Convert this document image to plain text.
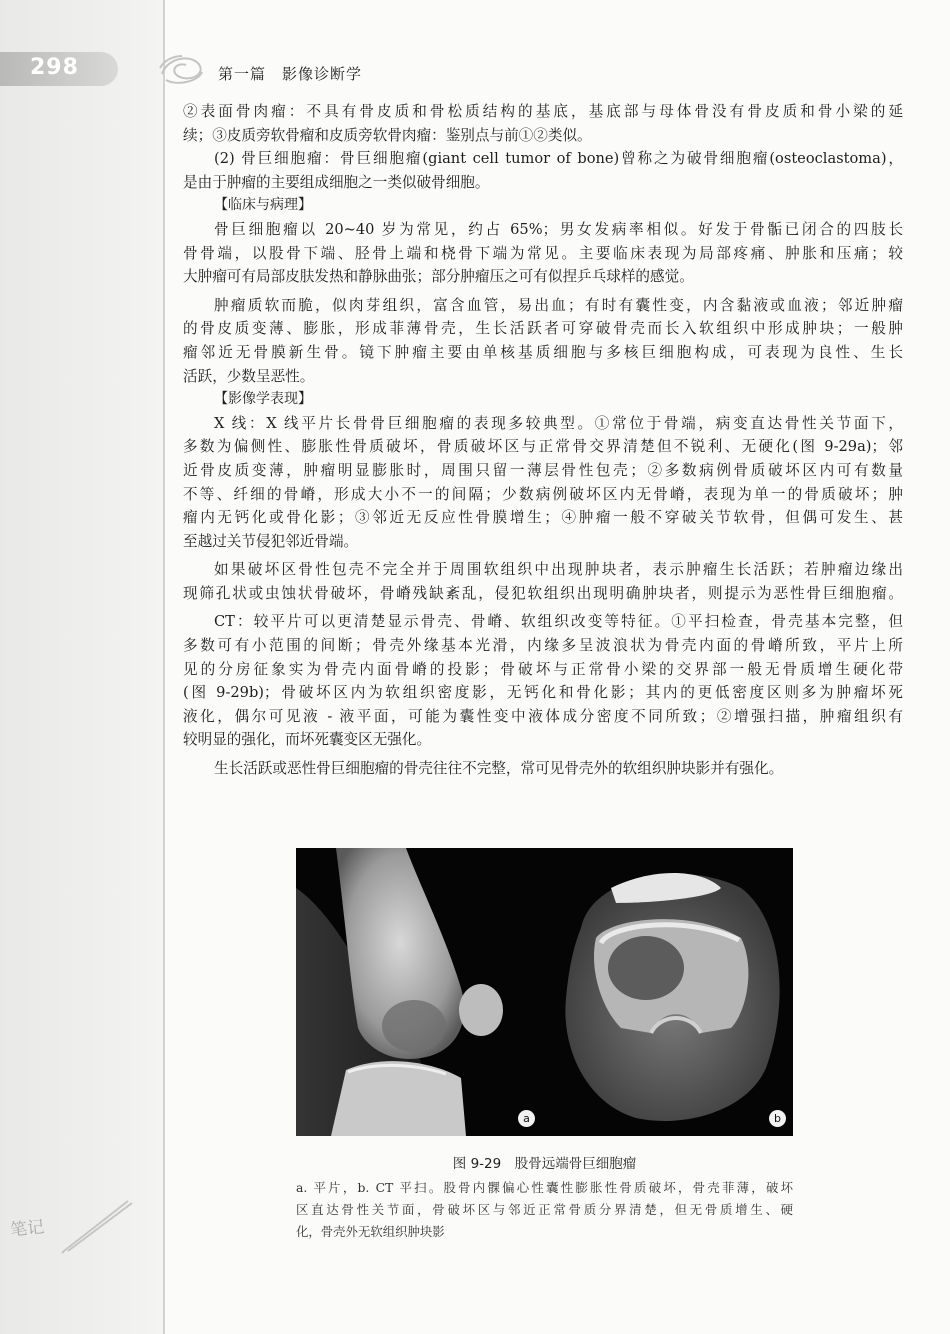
298	第一篇　影像诊断学
笔记
②表面骨肉瘤：不具有骨皮质和骨松质结构的基底，基底部与母体骨没有骨皮质和骨小梁的延
续；③皮质旁软骨瘤和皮质旁软骨肉瘤：鉴别点与前①②类似。
(2) 骨巨细胞瘤：骨巨细胞瘤(giant cell tumor of bone)曾称之为破骨细胞瘤(osteoclastoma)，
是由于肿瘤的主要组成细胞之一类似破骨细胞。
【临床与病理】
骨巨细胞瘤以 20~40 岁为常见，约占 65%；男女发病率相似。好发于骨骺已闭合的四肢长
骨骨端，以股骨下端、胫骨上端和桡骨下端为常见。主要临床表现为局部疼痛、肿胀和压痛；较
大肿瘤可有局部皮肤发热和静脉曲张；部分肿瘤压之可有似捏乒乓球样的感觉。
肿瘤质软而脆，似肉芽组织，富含血管，易出血；有时有囊性变，内含黏液或血液；邻近肿瘤
的骨皮质变薄、膨胀，形成菲薄骨壳，生长活跃者可穿破骨壳而长入软组织中形成肿块；一般肿
瘤邻近无骨膜新生骨。镜下肿瘤主要由单核基质细胞与多核巨细胞构成，可表现为良性、生长
活跃，少数呈恶性。
【影像学表现】
X 线：X 线平片长骨骨巨细胞瘤的表现多较典型。①常位于骨端，病变直达骨性关节面下，
多数为偏侧性、膨胀性骨质破坏，骨质破坏区与正常骨交界清楚但不锐利、无硬化(图 9-29a)；邻
近骨皮质变薄，肿瘤明显膨胀时，周围只留一薄层骨性包壳；②多数病例骨质破坏区内可有数量
不等、纤细的骨嵴，形成大小不一的间隔；少数病例破坏区内无骨嵴，表现为单一的骨质破坏；肿
瘤内无钙化或骨化影；③邻近无反应性骨膜增生；④肿瘤一般不穿破关节软骨，但偶可发生、甚
至越过关节侵犯邻近骨端。
如果破坏区骨性包壳不完全并于周围软组织中出现肿块者，表示肿瘤生长活跃；若肿瘤边缘出
现筛孔状或虫蚀状骨破坏，骨嵴残缺紊乱，侵犯软组织出现明确肿块者，则提示为恶性骨巨细胞瘤。
CT：较平片可以更清楚显示骨壳、骨嵴、软组织改变等特征。①平扫检查，骨壳基本完整，但
多数可有小范围的间断；骨壳外缘基本光滑，内缘多呈波浪状为骨壳内面的骨嵴所致，平片上所
见的分房征象实为骨壳内面骨嵴的投影；骨破坏与正常骨小梁的交界部一般无骨质增生硬化带
(图 9-29b)；骨破坏区内为软组织密度影，无钙化和骨化影；其内的更低密度区则多为肿瘤坏死
液化，偶尔可见液 - 液平面，可能为囊性变中液体成分密度不同所致；②增强扫描，肿瘤组织有
较明显的强化，而坏死囊变区无强化。
生长活跃或恶性骨巨细胞瘤的骨壳往往不完整，常可见骨壳外的软组织肿块影并有强化。
a	b
图 9-29　股骨远端骨巨细胞瘤
a. 平片，b. CT 平扫。股骨内髁偏心性囊性膨胀性骨质破坏，骨壳菲薄，破坏
区直达骨性关节面，骨破坏区与邻近正常骨质分界清楚，但无骨质增生、硬
化，骨壳外无软组织肿块影
